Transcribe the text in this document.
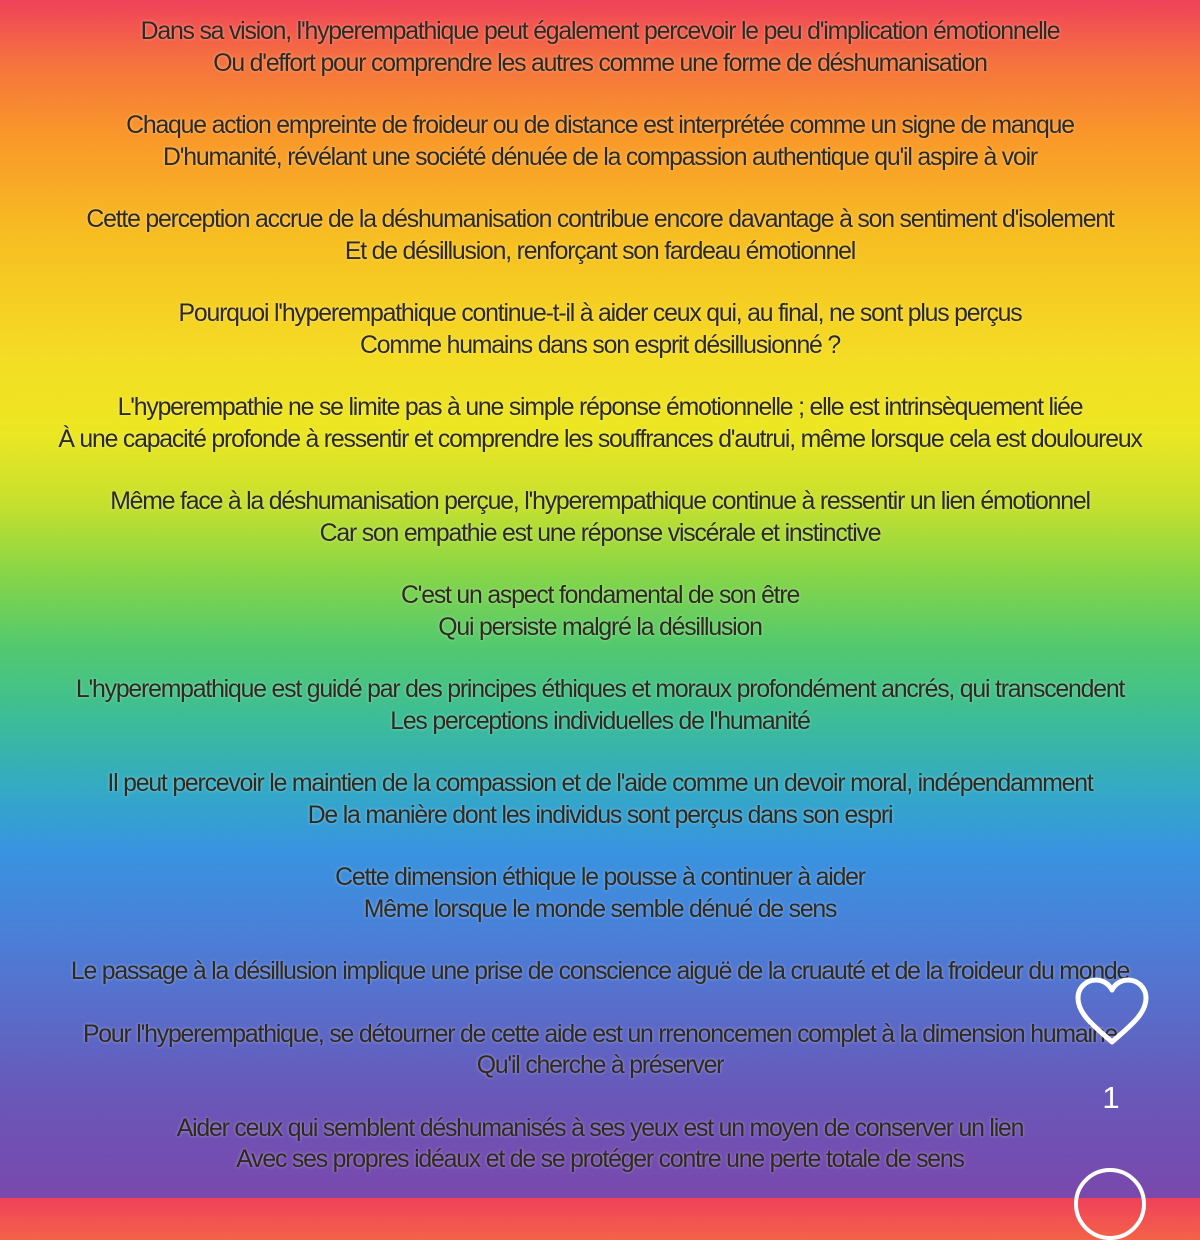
Dans sa vision, l'hyperempathique peut également percevoir le peu d'implication émotionnelle
Ou d'effort pour comprendre les autres comme une forme de déshumanisation
Chaque action empreinte de froideur ou de distance est interprétée comme un signe de manque
D'humanité, révélant une société dénuée de la compassion authentique qu'il aspire à voir
Cette perception accrue de la déshumanisation contribue encore davantage à son sentiment d'isolement
Et de désillusion, renforçant son fardeau émotionnel
Pourquoi l'hyperempathique continue-t-il à aider ceux qui, au final, ne sont plus perçus
Comme humains dans son esprit désillusionné ?
L'hyperempathie ne se limite pas à une simple réponse émotionnelle ; elle est intrinsèquement liée
À une capacité profonde à ressentir et comprendre les souffrances d'autrui, même lorsque cela est douloureux
Même face à la déshumanisation perçue, l'hyperempathique continue à ressentir un lien émotionnel
Car son empathie est une réponse viscérale et instinctive
C'est un aspect fondamental de son être
Qui persiste malgré la désillusion
L'hyperempathique est guidé par des principes éthiques et moraux profondément ancrés, qui transcendent
Les perceptions individuelles de l'humanité
Il peut percevoir le maintien de la compassion et de l'aide comme un devoir moral, indépendamment
De la manière dont les individus sont perçus dans son espri
Cette dimension éthique le pousse à continuer à aider
Même lorsque le monde semble dénué de sens
Le passage à la désillusion implique une prise de conscience aiguë de la cruauté et de la froideur du monde
Pour l'hyperempathique, se détourner de cette aide est un rrenoncemen complet à la dimension humaine
Qu'il cherche à préserver
Aider ceux qui semblent déshumanisés à ses yeux est un moyen de conserver un lien
Avec ses propres idéaux et de se protéger contre une perte totale de sens
1
